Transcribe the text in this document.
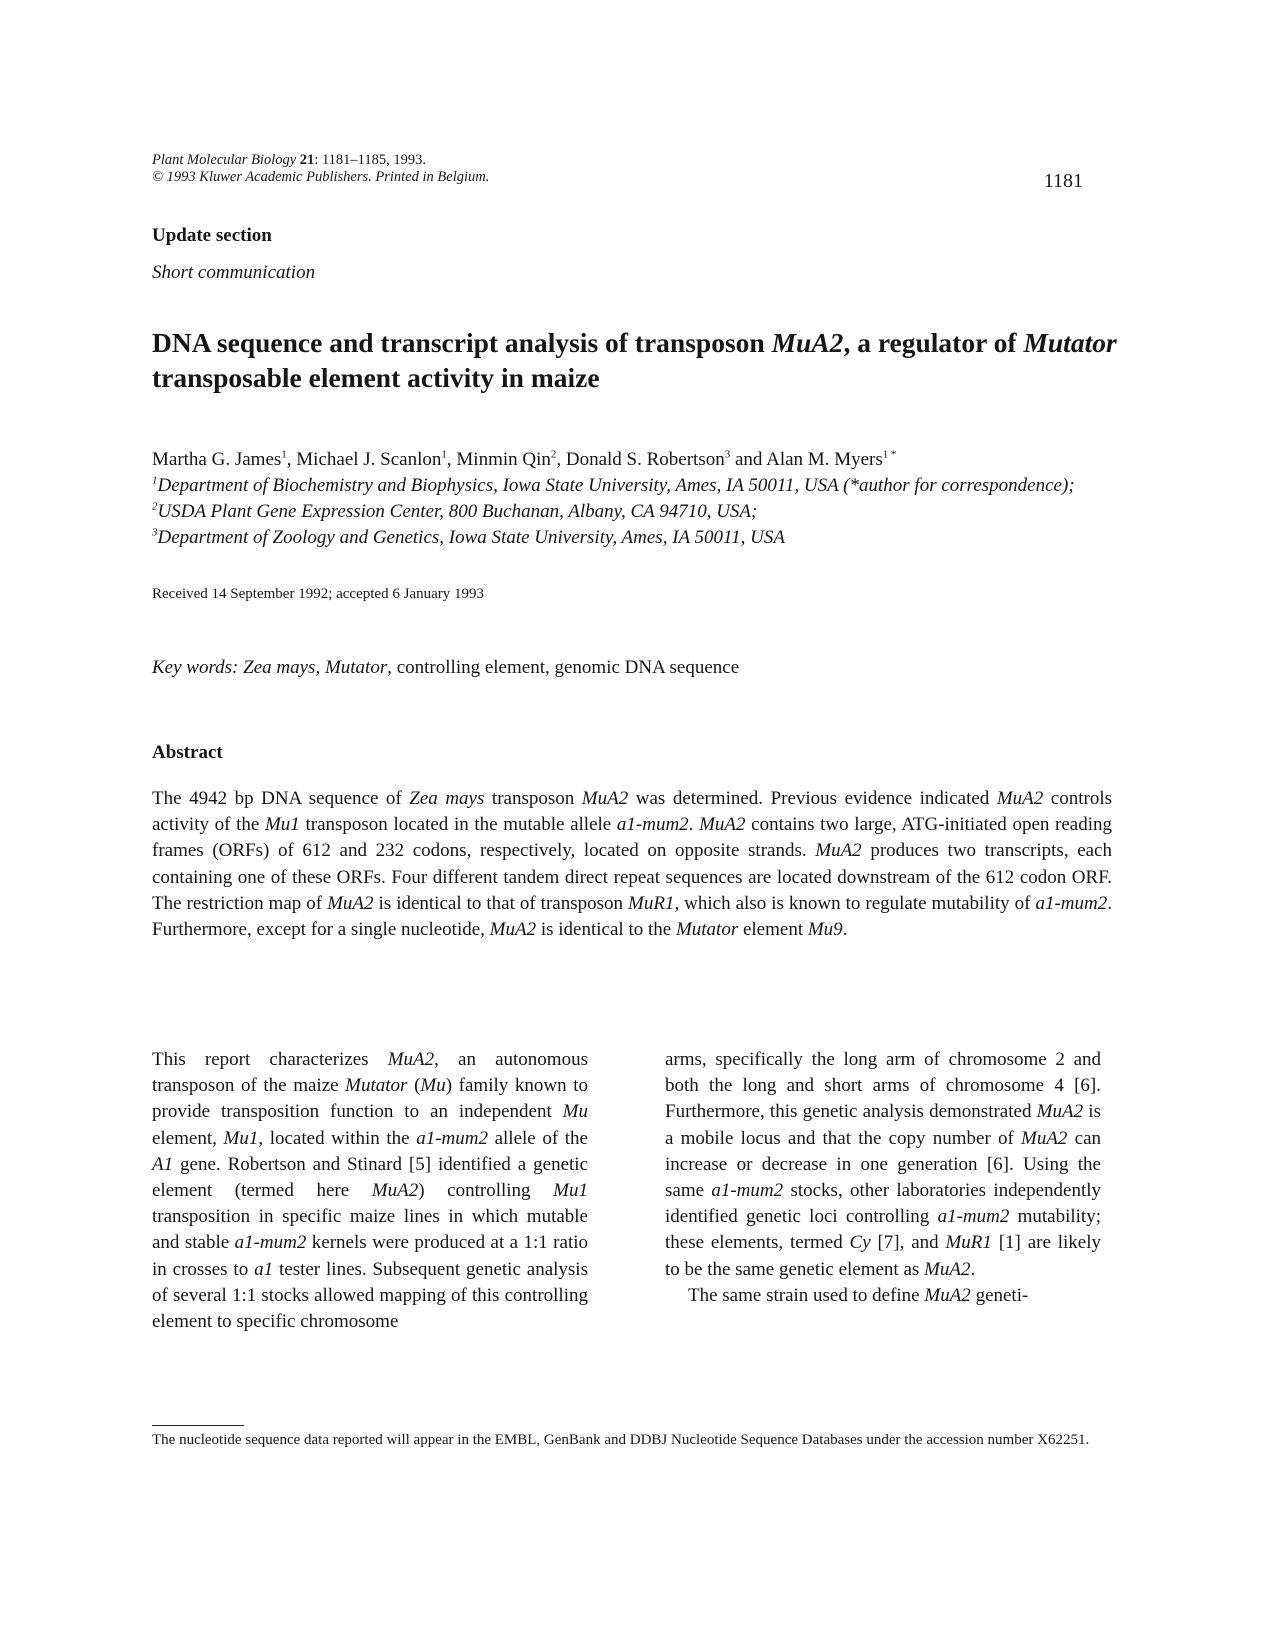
Plant Molecular Biology 21: 1181–1185, 1993.
© 1993 Kluwer Academic Publishers. Printed in Belgium.	1181
Update section
Short communication
DNA sequence and transcript analysis of transposon MuA2, a regulator of Mutator transposable element activity in maize
Martha G. James$^1$, Michael J. Scanlon$^1$, Minmin Qin$^2$, Donald S. Robertson$^3$ and Alan M. Myers$^{1 *}$
$^1$Department of Biochemistry and Biophysics, Iowa State University, Ames, IA 50011, USA (*author for correspondence); $^2$USDA Plant Gene Expression Center, 800 Buchanan, Albany, CA 94710, USA;
$^3$Department of Zoology and Genetics, Iowa State University, Ames, IA 50011, USA
Received 14 September 1992; accepted 6 January 1993
Key words: Zea mays, Mutator, controlling element, genomic DNA sequence
Abstract

The 4942 bp DNA sequence of Zea mays transposon MuA2 was determined. Previous evidence indicated MuA2 controls activity of the Mu1 transposon located in the mutable allele a1-mum2. MuA2 contains two large, ATG-initiated open reading frames (ORFs) of 612 and 232 codons, respectively, located on opposite strands. MuA2 produces two transcripts, each containing one of these ORFs. Four different tandem direct repeat sequences are located downstream of the 612 codon ORF. The restriction map of MuA2 is identical to that of transposon MuR1, which also is known to regulate mutability of a1-mum2. Furthermore, except for a single nucleotide, MuA2 is identical to the Mutator element Mu9.

This report characterizes MuA2, an autonomous transposon of the maize Mutator (Mu) family known to provide transposition function to an independent Mu element, Mu1, located within the a1-mum2 allele of the A1 gene. Robertson and Stinard [5] identified a genetic element (termed here MuA2) controlling Mu1 transposition in specific maize lines in which mutable and stable a1-mum2 kernels were produced at a 1:1 ratio in crosses to a1 tester lines. Subsequent genetic analysis of several 1:1 stocks allowed mapping of this controlling element to specific chromosome

arms, specifically the long arm of chromosome 2 and both the long and short arms of chromosome 4 [6]. Furthermore, this genetic analysis demonstrated MuA2 is a mobile locus and that the copy number of MuA2 can increase or decrease in one generation [6]. Using the same a1-mum2 stocks, other laboratories independently identified genetic loci controlling a1-mum2 mutability; these elements, termed Cy [7], and MuR1 [1] are likely to be the same genetic element as MuA2.

The same strain used to define MuA2 geneti-

The nucleotide sequence data reported will appear in the EMBL, GenBank and DDBJ Nucleotide Sequence Databases under the accession number X62251.
